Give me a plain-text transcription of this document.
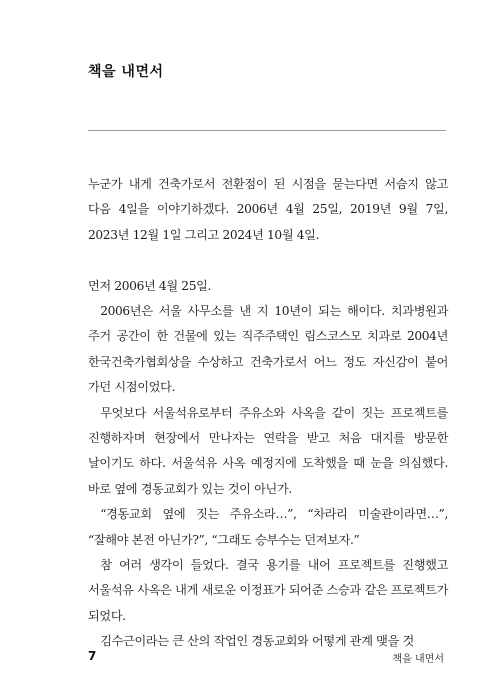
책을 내면서

누군가 내게 건축가로서 전환점이 된 시점을 묻는다면 서슴지 않고 다음 4일을 이야기하겠다. 2006년 4월 25일, 2019년 9월 7일, 2023년 12월 1일 그리고 2024년 10월 4일.

먼저 2006년 4월 25일.

2006년은 서울 사무소를 낸 지 10년이 되는 해이다. 치과병원과 주거 공간이 한 건물에 있는 직주주택인 림스코스모 치과로 2004년 한국건축가협회상을 수상하고 건축가로서 어느 정도 자신감이 붙어 가던 시점이었다.

무엇보다 서울석유로부터 주유소와 사옥을 같이 짓는 프로젝트를 진행하자며 현장에서 만나자는 연락을 받고 처음 대지를 방문한 날이기도 하다. 서울석유 사옥 예정지에 도착했을 때 눈을 의심했다. 바로 옆에 경동교회가 있는 것이 아닌가.

“경동교회 옆에 짓는 주유소라…”, “차라리 미술관이라면…”, “잘해야 본전 아닌가?”, “그래도 승부수는 던져보자.”

참 여러 생각이 들었다. 결국 용기를 내어 프로젝트를 진행했고 서울석유 사옥은 내게 새로운 이정표가 되어준 스승과 같은 프로젝트가 되었다.

김수근이라는 큰 산의 작업인 경동교회와 어떻게 관계 맺을 것

7	책을 내면서
